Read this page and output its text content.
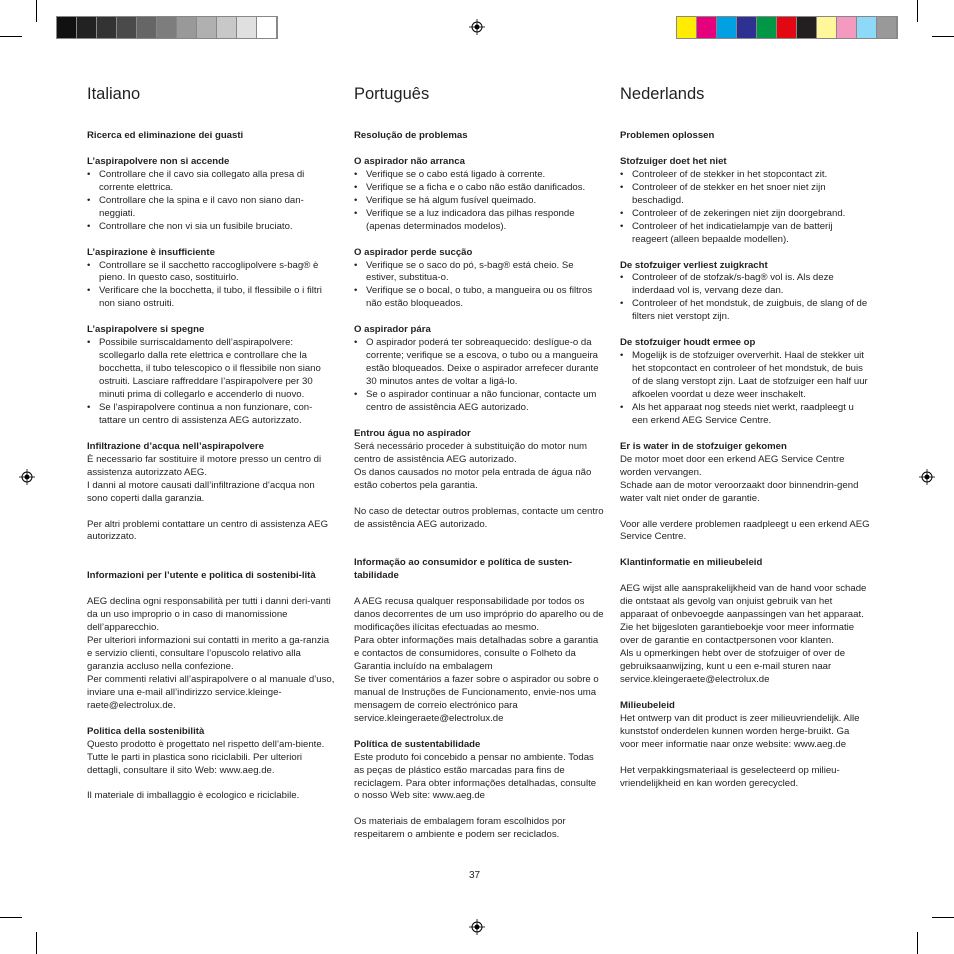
Italiano

Ricerca ed eliminazione dei guasti

L’aspirapolvere non si accende

• Controllare che il cavo sia collegato alla presa di corrente elettrica.
• Controllare che la spina e il cavo non siano dan-neggiati.
• Controllare che non vi sia un fusibile bruciato.

L’aspirazione è insufficiente

• Controllare se il sacchetto raccoglipolvere s-bag® è pieno. In questo caso, sostituirlo.
• Verificare che la bocchetta, il tubo, il flessibile o i filtri non siano ostruiti.

L’aspirapolvere si spegne

• Possibile surriscaldamento dell’aspirapolvere: scollegarlo dalla rete elettrica e controllare che la bocchetta, il tubo telescopico o il flessibile non siano ostruiti. Lasciare raffreddare l’aspirapolvere per 30 minuti prima di collegarlo e accenderlo di nuovo.
• Se l’aspirapolvere continua a non funzionare, con-tattare un centro di assistenza AEG autorizzato.

Infiltrazione d’acqua nell’aspirapolvere

È necessario far sostituire il motore presso un centro di assistenza autorizzato AEG.

I danni al motore causati dall’infiltrazione d’acqua non sono coperti dalla garanzia.

Per altri problemi contattare un centro di assistenza AEG autorizzato.

Informazioni per l’utente e politica di sostenibi-lità

AEG declina ogni responsabilità per tutti i danni deri-vanti da un uso improprio o in caso di manomissione dell’apparecchio.

Per ulteriori informazioni sui contatti in merito a ga-ranzia e servizio clienti, consultare l’opuscolo relativo alla garanzia accluso nella confezione.

Per commenti relativi all’aspirapolvere o al manuale d’uso, inviare una e-mail all’indirizzo service.kleinge-raete@electrolux.de.

Politica della sostenibilità

Questo prodotto è progettato nel rispetto dell’am-biente. Tutte le parti in plastica sono riciclabili. Per ulteriori dettagli, consultare il sito Web: www.aeg.de.

Il materiale di imballaggio è ecologico e riciclabile.

Português

Resolução de problemas

O aspirador não arranca

• Verifique se o cabo está ligado à corrente.
• Verifique se a ficha e o cabo não estão danificados.
• Verifique se há algum fusível queimado.
• Verifique se a luz indicadora das pilhas responde (apenas determinados modelos).

O aspirador perde sucção

• Verifique se o saco do pó, s-bag® está cheio. Se estiver, substitua-o.
• Verifique se o bocal, o tubo, a mangueira ou os filtros não estão bloqueados.

O aspirador pára

• O aspirador poderá ter sobreaquecido: deslígue-o da corrente; verifique se a escova, o tubo ou a mangueira estão bloqueados. Deixe o aspirador arrefecer durante 30 minutos antes de voltar a ligá-lo.
• Se o aspirador continuar a não funcionar, contacte um centro de assistência AEG autorizado.

Entrou água no aspirador

Será necessário proceder à substituição do motor num centro de assistência AEG autorizado.

Os danos causados no motor pela entrada de água não estão cobertos pela garantia.

No caso de detectar outros problemas, contacte um centro de assistência AEG autorizado.

Informação ao consumidor e política de susten-tabilidade

A AEG recusa qualquer responsabilidade por todos os danos decorrentes de um uso impróprio do aparelho ou de modificações ilícitas efectuadas ao mesmo.

Para obter informações mais detalhadas sobre a garantia e contactos de consumidores, consulte o Folheto da Garantia incluído na embalagem

Se tiver comentários a fazer sobre o aspirador ou sobre o manual de Instruções de Funcionamento, envie-nos uma mensagem de correio electrónico para service.kleingeraete@electrolux.de

Política de sustentabilidade

Este produto foi concebido a pensar no ambiente. Todas as peças de plástico estão marcadas para fins de reciclagem. Para obter informações detalhadas, consulte o nosso Web site: www.aeg.de

Os materiais de embalagem foram escolhidos por respeitarem o ambiente e podem ser reciclados.

Nederlands

Problemen oplossen

Stofzuiger doet het niet

• Controleer of de stekker in het stopcontact zit.
• Controleer of de stekker en het snoer niet zijn beschadigd.
• Controleer of de zekeringen niet zijn doorgebrand.
• Controleer of het indicatielampje van de batterij reageert (alleen bepaalde modellen).

De stofzuiger verliest zuigkracht

• Controleer of de stofzak/s-bag® vol is. Als deze inderdaad vol is, vervang deze dan.
• Controleer of het mondstuk, de zuigbuis, de slang of de filters niet verstopt zijn.

De stofzuiger houdt ermee op

• Mogelijk is de stofzuiger oververhit. Haal de stekker uit het stopcontact en controleer of het mondstuk, de buis of de slang verstopt zijn. Laat de stofzuiger een half uur afkoelen voordat u deze weer inschakelt.
• Als het apparaat nog steeds niet werkt, raadpleegt u een erkend AEG Service Centre.

Er is water in de stofzuiger gekomen

De motor moet door een erkend AEG Service Centre worden vervangen.

Schade aan de motor veroorzaakt door binnendrin-gend water valt niet onder de garantie.

Voor alle verdere problemen raadpleegt u een erkend AEG Service Centre.

Klantinformatie en milieubeleid

AEG wijst alle aansprakelijkheid van de hand voor schade die ontstaat als gevolg van onjuist gebruik van het apparaat of onbevoegde aanpassingen van het apparaat.

Zie het bijgesloten garantieboekje voor meer informatie over de garantie en contactpersonen voor klanten.

Als u opmerkingen hebt over de stofzuiger of over de gebruiksaanwijzing, kunt u een e-mail sturen naar service.kleingeraete@electrolux.de

Milieubeleid

Het ontwerp van dit product is zeer milieuvriendelijk. Alle kunststof onderdelen kunnen worden herge-bruikt. Ga voor meer informatie naar onze website: www.aeg.de

Het verpakkingsmateriaal is geselecteerd op milieu-vriendelijkheid en kan worden gerecycled.

37
